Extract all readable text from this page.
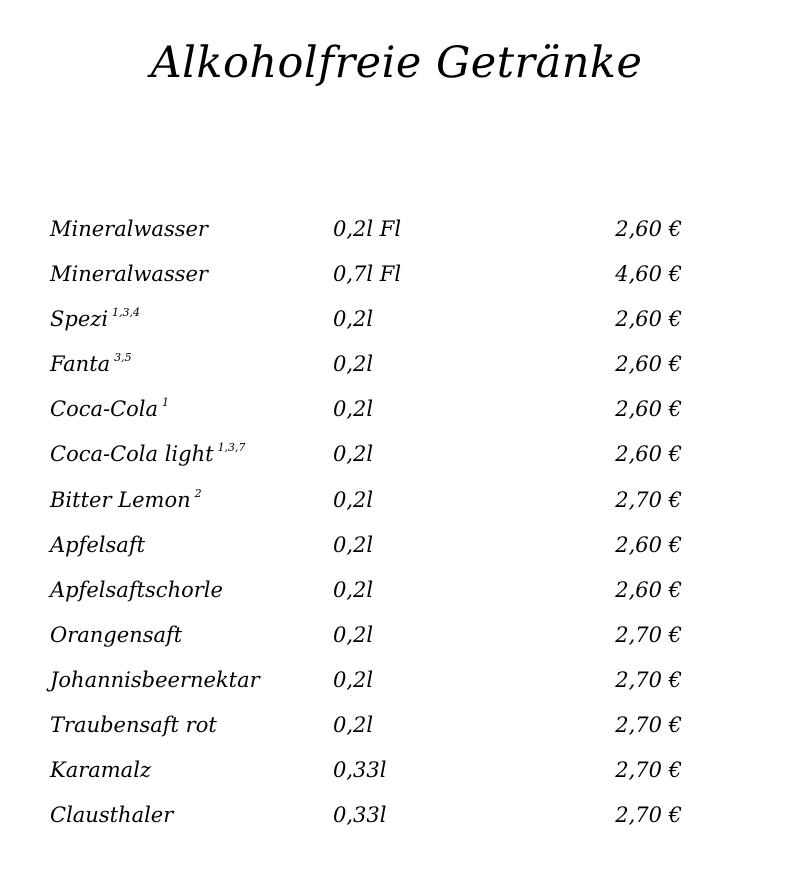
Alkoholfreie Getränke
Mineralwasser	0,2l Fl	2,60 €
Mineralwasser	0,7l Fl	4,60 €
Spezi $^{1,3,4}$	0,2l	2,60 €
Fanta $^{3,5}$	0,2l	2,60 €
Coca-Cola $^1$	0,2l	2,60 €
Coca-Cola light $^{1,3,7}$	0,2l	2,60 €
Bitter Lemon $^2$	0,2l	2,70 €
Apfelsaft	0,2l	2,60 €
Apfelsaftschorle	0,2l	2,60 €
Orangensaft	0,2l	2,70 €
Johannisbeernektar	0,2l	2,70 €
Traubensaft rot	0,2l	2,70 €
Karamalz	0,33l	2,70 €
Clausthaler	0,33l	2,70 €
